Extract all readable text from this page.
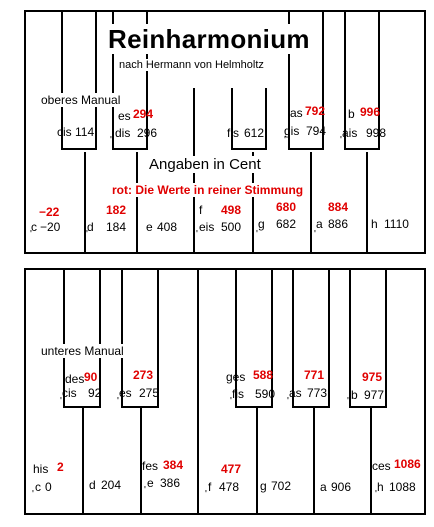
Reinharmonium
nach Hermann von Helmholtz
oberes Manual
Angaben in Cent
rot: Die Werte in reiner Stimmung
cis 114
es 294
dis 296	fis 612
as 792
gis 794
b 996
ais 998
−22
c −20
182
d 184 e 408
f 498
eis 500
680
g 682
884
a 886 h 1110
'	'	'
'	'	'	'	'
unteres Manual
des 90
cis 92
273
es 275
ges 588
fis 590
771
as 773
975
b 977
his 2
c 0	d 204
fes 384
e 386
477
f 478 g 702 a 906
ces 1086
h 1088
'	'	'	'	'
'	'	'	'
